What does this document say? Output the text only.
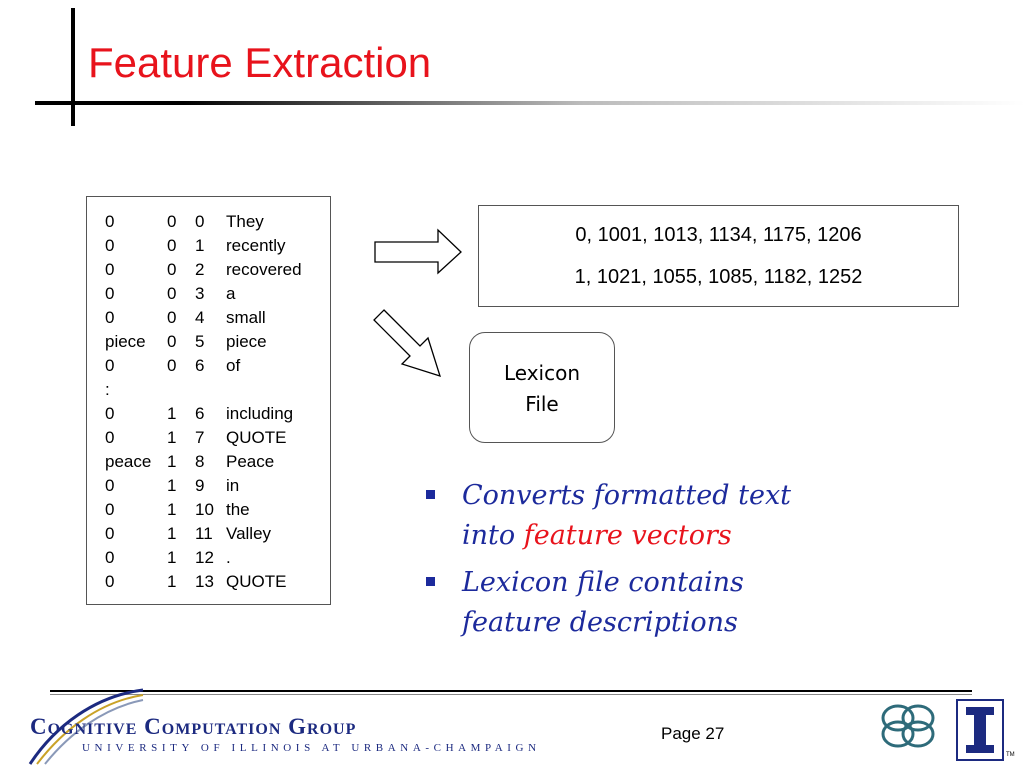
Feature Extraction
0	0 0 They
0	0 1 recently
0	0 2 recovered
0	0 3 a
0	0 4 small
piece 0 5 piece
0	0 6 of
:
0	1 6 including
0	1 7 QUOTE
peace 1 8 Peace
0	1 9 in
0	1 10 the
0	1 11 Valley
0	1 12 .
0	1 13 QUOTE
0, 1001, 1013, 1134, 1175, 1206
1, 1021, 1055, 1085, 1182, 1252
Lexicon
File
Converts formatted text
into feature vectors
Lexicon file contains
feature descriptions
Cognitive Computation Group
UNIVERSITY OF ILLINOIS AT URBANA-CHAMPAIGN
Page 27
TM
